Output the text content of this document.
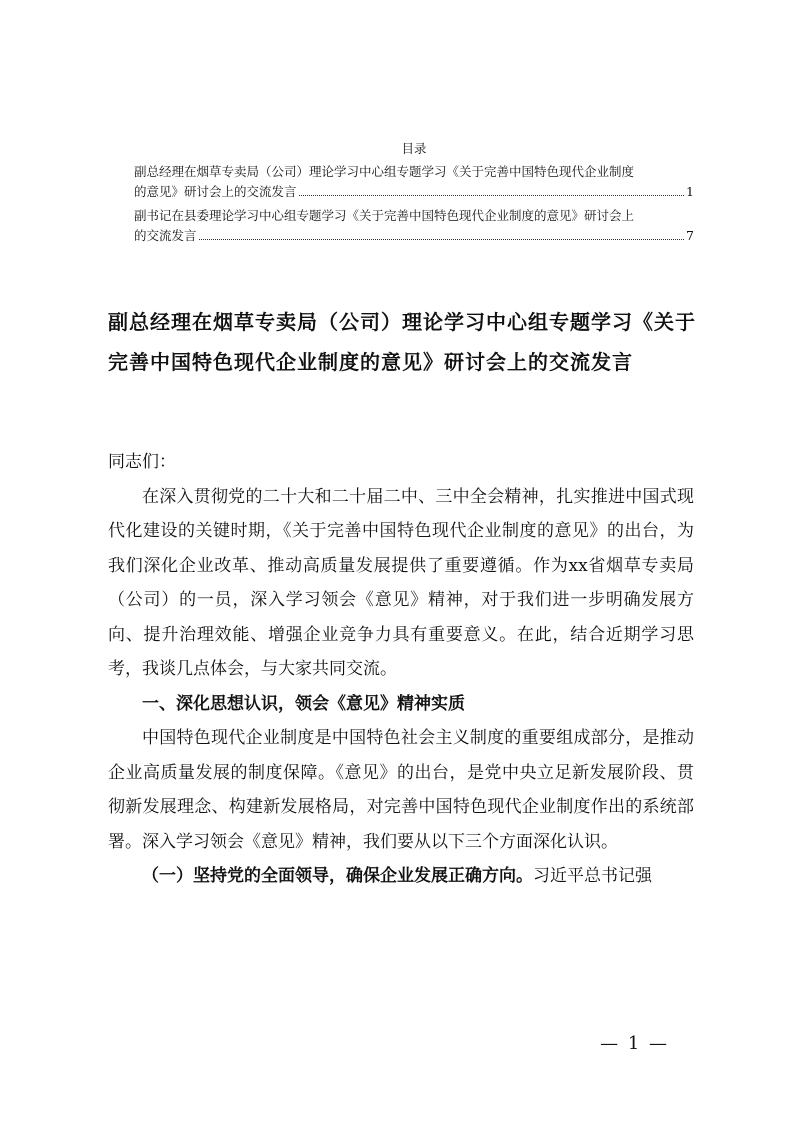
目录
副总经理在烟草专卖局（公司）理论学习中心组专题学习《关于完善中国特色现代企业制度
的意见》研讨会上的交流发言	1
副书记在县委理论学习中心组专题学习《关于完善中国特色现代企业制度的意见》研讨会上
的交流发言	7
副总经理在烟草专卖局（公司）理论学习中心组专题学习《关于
完善中国特色现代企业制度的意见》研讨会上的交流发言

同志们：

在深入贯彻党的二十大和二十届二中、三中全会精神，扎实推进中国式现代化建设的关键时期，《关于完善中国特色现代企业制度的意见》的出台，为我们深化企业改革、推动高质量发展提供了重要遵循。作为xx省烟草专卖局（公司）的一员，深入学习领会《意见》精神，对于我们进一步明确发展方向、提升治理效能、增强企业竞争力具有重要意义。在此，结合近期学习思考，我谈几点体会，与大家共同交流。

一、深化思想认识，领会《意见》精神实质

中国特色现代企业制度是中国特色社会主义制度的重要组成部分，是推动企业高质量发展的制度保障。《意见》的出台，是党中央立足新发展阶段、贯彻新发展理念、构建新发展格局，对完善中国特色现代企业制度作出的系统部署。深入学习领会《意见》精神，我们要从以下三个方面深化认识。

（一）坚持党的全面领导，确保企业发展正确方向。习近平总书记强

— 1 —
